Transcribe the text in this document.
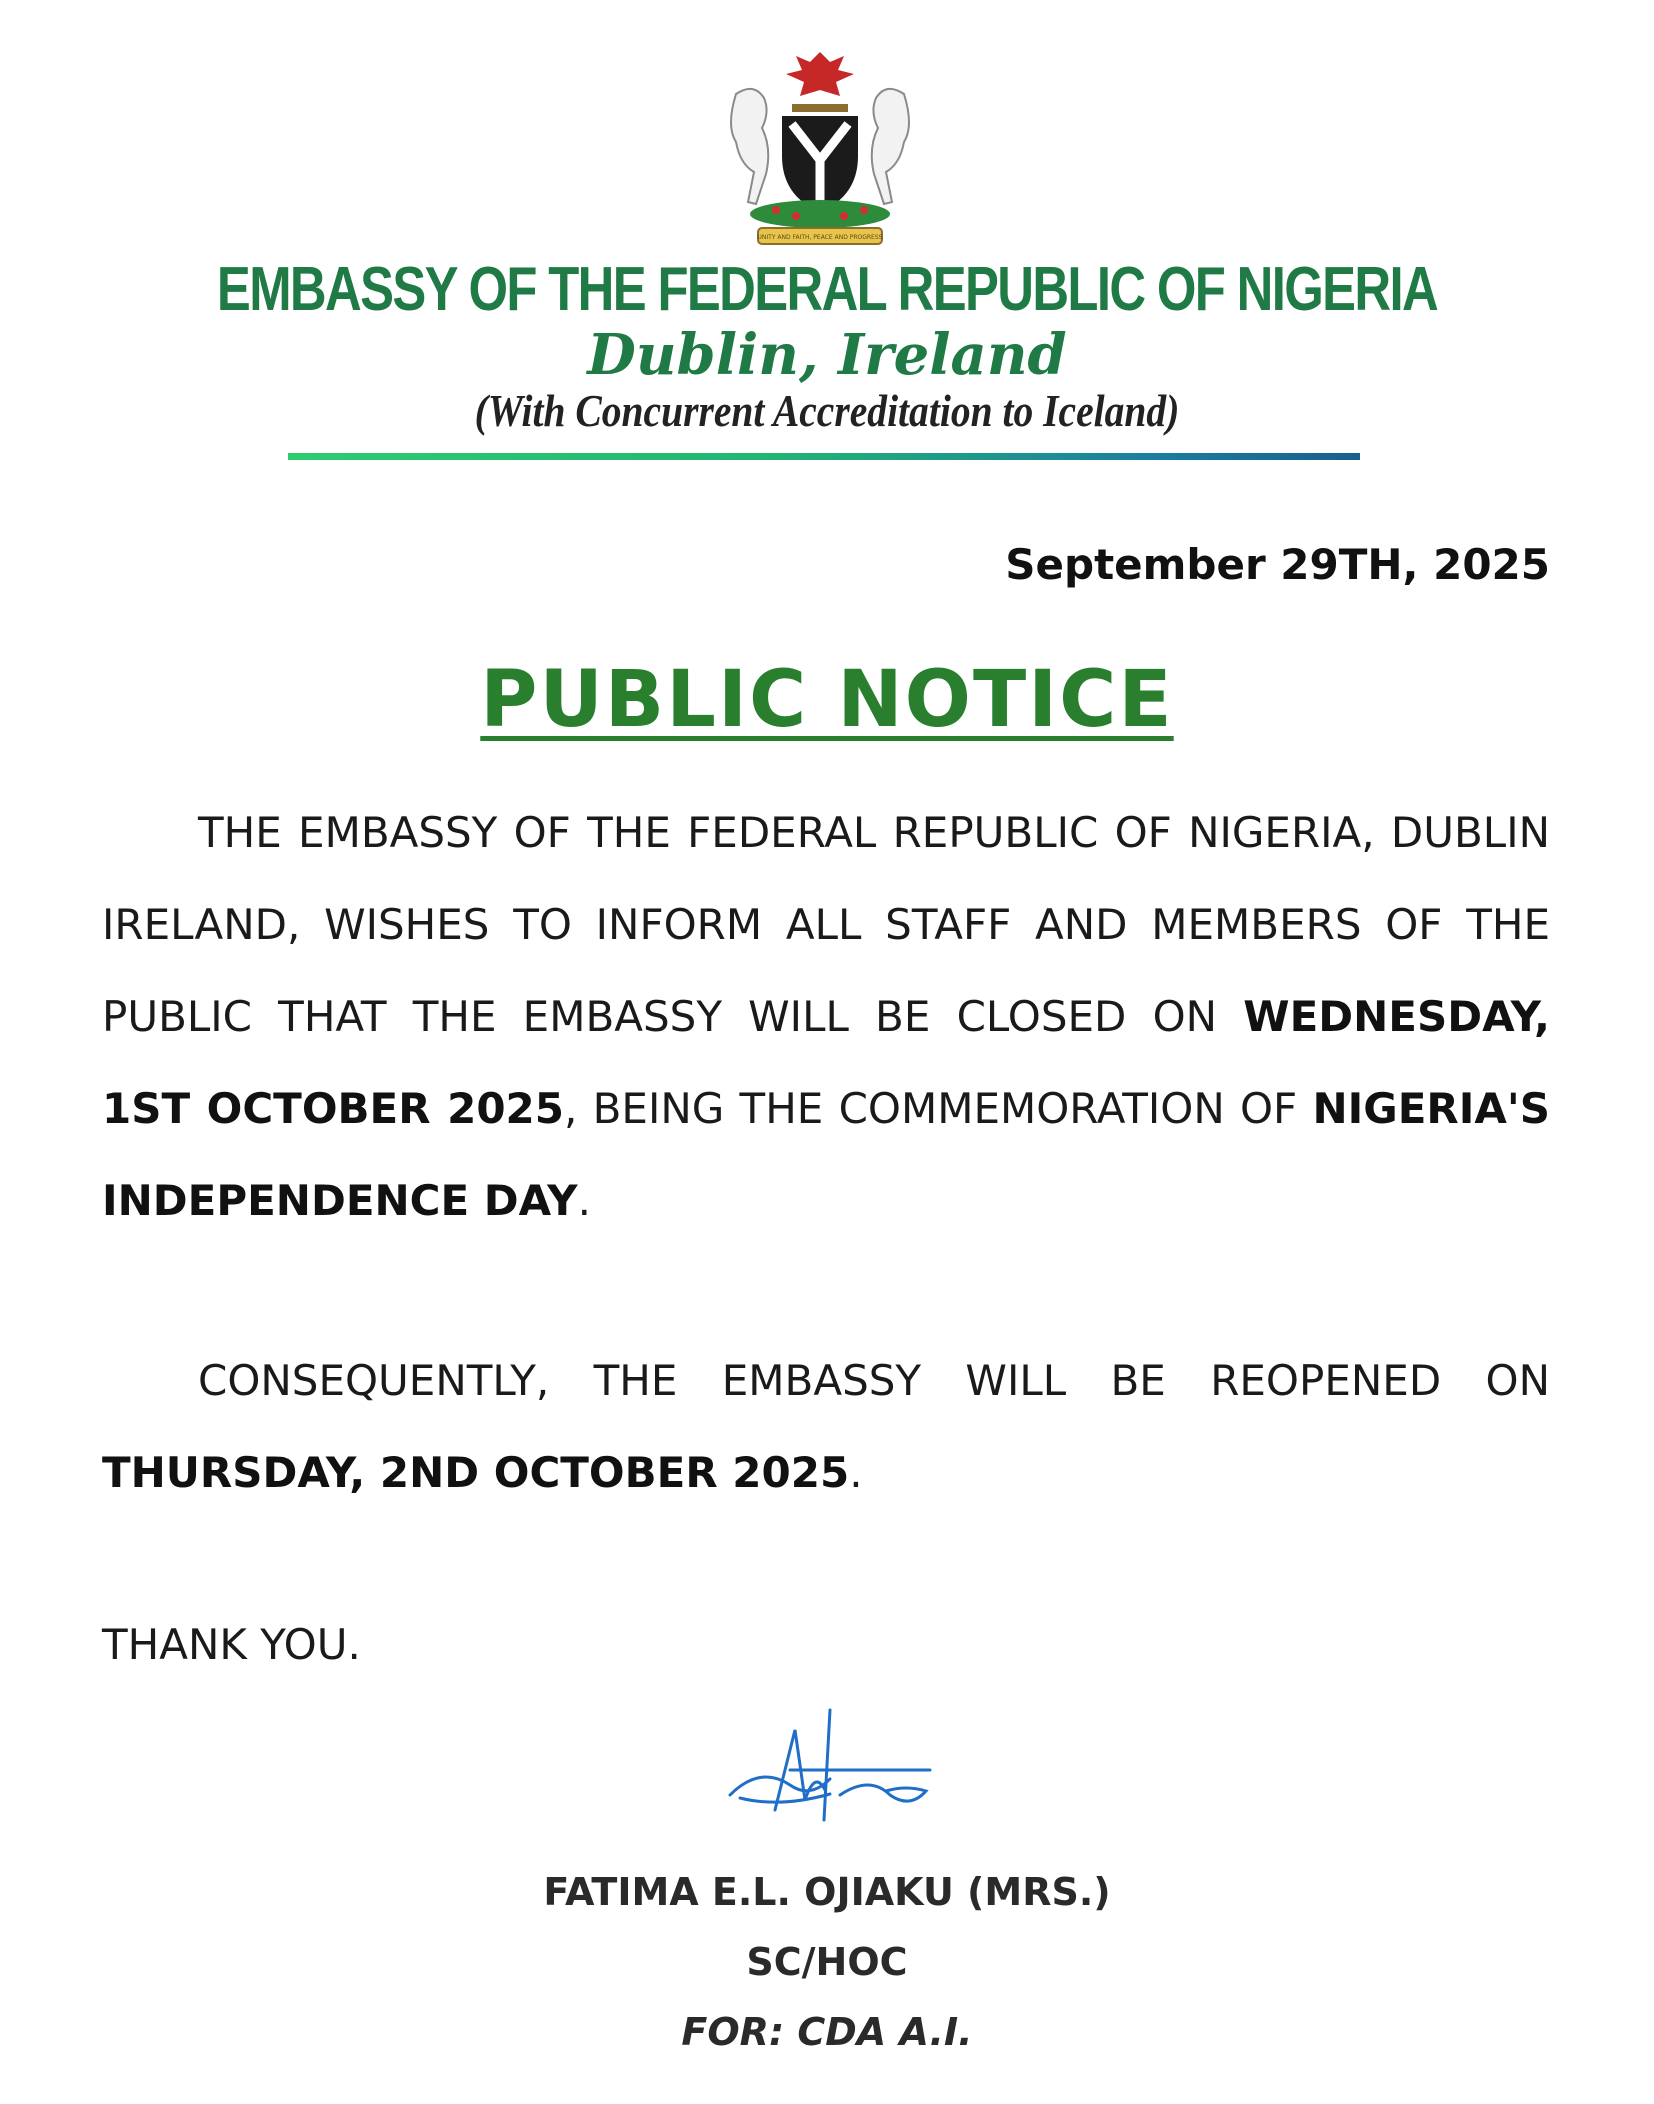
UNITY AND FAITH, PEACE AND PROGRESS
EMBASSY OF THE FEDERAL REPUBLIC OF NIGERIA
Dublin, Ireland
(With Concurrent Accreditation to Iceland)
September 29TH, 2025
PUBLIC NOTICE
THE EMBASSY OF THE FEDERAL REPUBLIC OF NIGERIA, DUBLIN IRELAND, WISHES TO INFORM ALL STAFF AND MEMBERS OF THE PUBLIC THAT THE EMBASSY WILL BE CLOSED ON WEDNESDAY, 1ST OCTOBER 2025, BEING THE COMMEMORATION OF NIGERIA'S INDEPENDENCE DAY.
CONSEQUENTLY, THE EMBASSY WILL BE REOPENED ON THURSDAY, 2ND OCTOBER 2025.
THANK YOU.
FATIMA E.L. OJIAKU (MRS.)
SC/HOC
FOR: CDA A.I.
